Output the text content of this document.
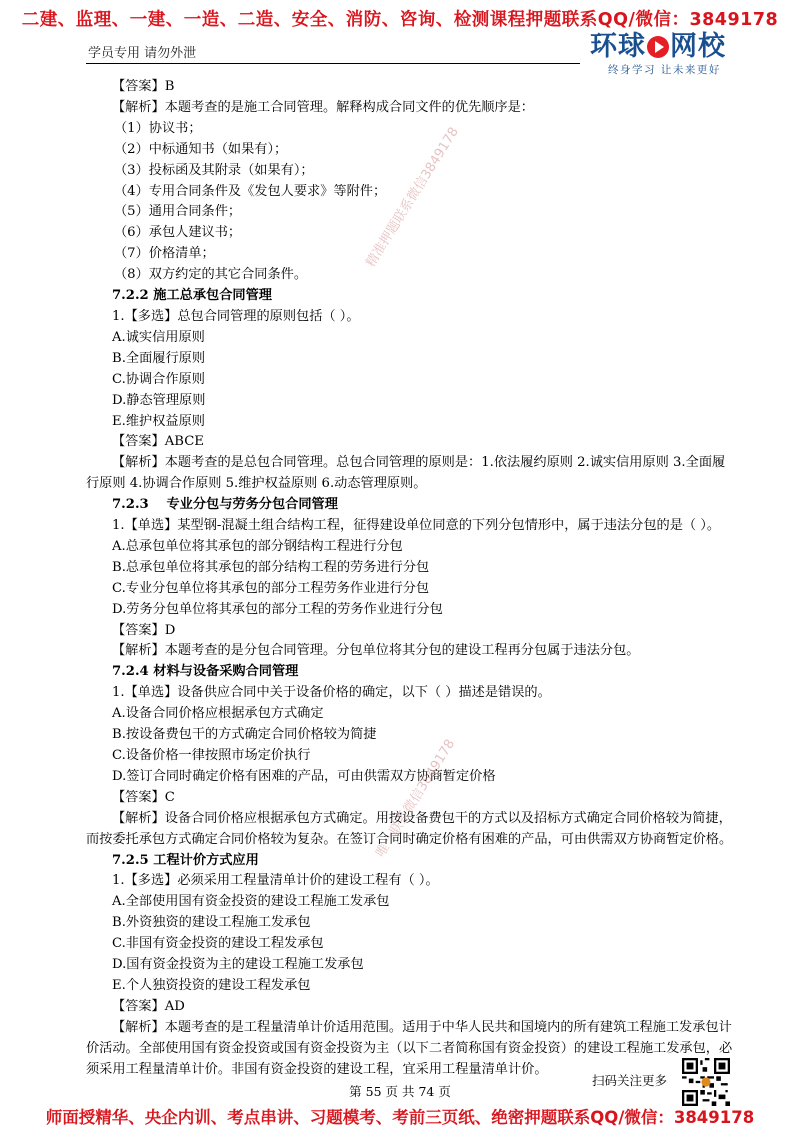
二建、监理、一建、一造、二造、安全、消防、咨询、检测课程押题联系QQ/微信：3849178
学员专用 请勿外泄	环球 网校
终身学习 让未来更好

【答案】B

【解析】本题考查的是施工合同管理。解释构成合同文件的优先顺序是：

（1）协议书；

（2）中标通知书（如果有）；

（3）投标函及其附录（如果有）；

（4）专用合同条件及《发包人要求》等附件；

（5）通用合同条件；

（6）承包人建议书；

（7）价格清单；

（8）双方约定的其它合同条件。

7.2.2 施工总承包合同管理

1.【多选】总包合同管理的原则包括（ ）。

A.诚实信用原则

B.全面履行原则

C.协调合作原则

D.静态管理原则

E.维护权益原则

【答案】ABCE

【解析】本题考查的是总包合同管理。总包合同管理的原则是：1.依法履约原则 2.诚实信用原则 3.全面履行原则 4.协调合作原则 5.维护权益原则 6.动态管理原则。

7.2.3　 专业分包与劳务分包合同管理

1.【单选】某型钢-混凝土组合结构工程，征得建设单位同意的下列分包情形中，属于违法分包的是（ ）。

A.总承包单位将其承包的部分钢结构工程进行分包

B.总承包单位将其承包的部分结构工程的劳务进行分包

C.专业分包单位将其承包的部分工程劳务作业进行分包

D.劳务分包单位将其承包的部分工程的劳务作业进行分包

【答案】D

【解析】本题考查的是分包合同管理。分包单位将其分包的建设工程再分包属于违法分包。

7.2.4 材料与设备采购合同管理

1.【单选】设备供应合同中关于设备价格的确定，以下（ ）描述是错误的。

A.设备合同价格应根据承包方式确定

B.按设备费包干的方式确定合同价格较为简捷

C.设备价格一律按照市场定价执行

D.签订合同时确定价格有困难的产品，可由供需双方协商暂定价格

【答案】C

【解析】设备合同价格应根据承包方式确定。用按设备费包干的方式以及招标方式确定合同价格较为简捷，而按委托承包方式确定合同价格较为复杂。在签订合同时确定价格有困难的产品，可由供需双方协商暂定价格。

7.2.5 工程计价方式应用

1.【多选】必须采用工程量清单计价的建设工程有（ ）。

A.全部使用国有资金投资的建设工程施工发承包

B.外资独资的建设工程施工发承包

C.非国有资金投资的建设工程发承包

D.国有资金投资为主的建设工程施工发承包

E.个人独资投资的建设工程发承包

【答案】AD

【解析】本题考查的是工程量清单计价适用范围。适用于中华人民共和国境内的所有建筑工程施工发承包计价活动。全部使用国有资金投资或国有资金投资为主（以下二者简称国有资金投资）的建设工程施工发承包，必须采用工程量清单计价。非国有资金投资的建设工程，宜采用工程量清单计价。

精准押题联系微信3849178
唯一联系微信3849178
扫码关注更多
第 55 页 共 74 页
师面授精华、央企内训、考点串讲、习题模考、考前三页纸、绝密押题联系QQ/微信：3849178
